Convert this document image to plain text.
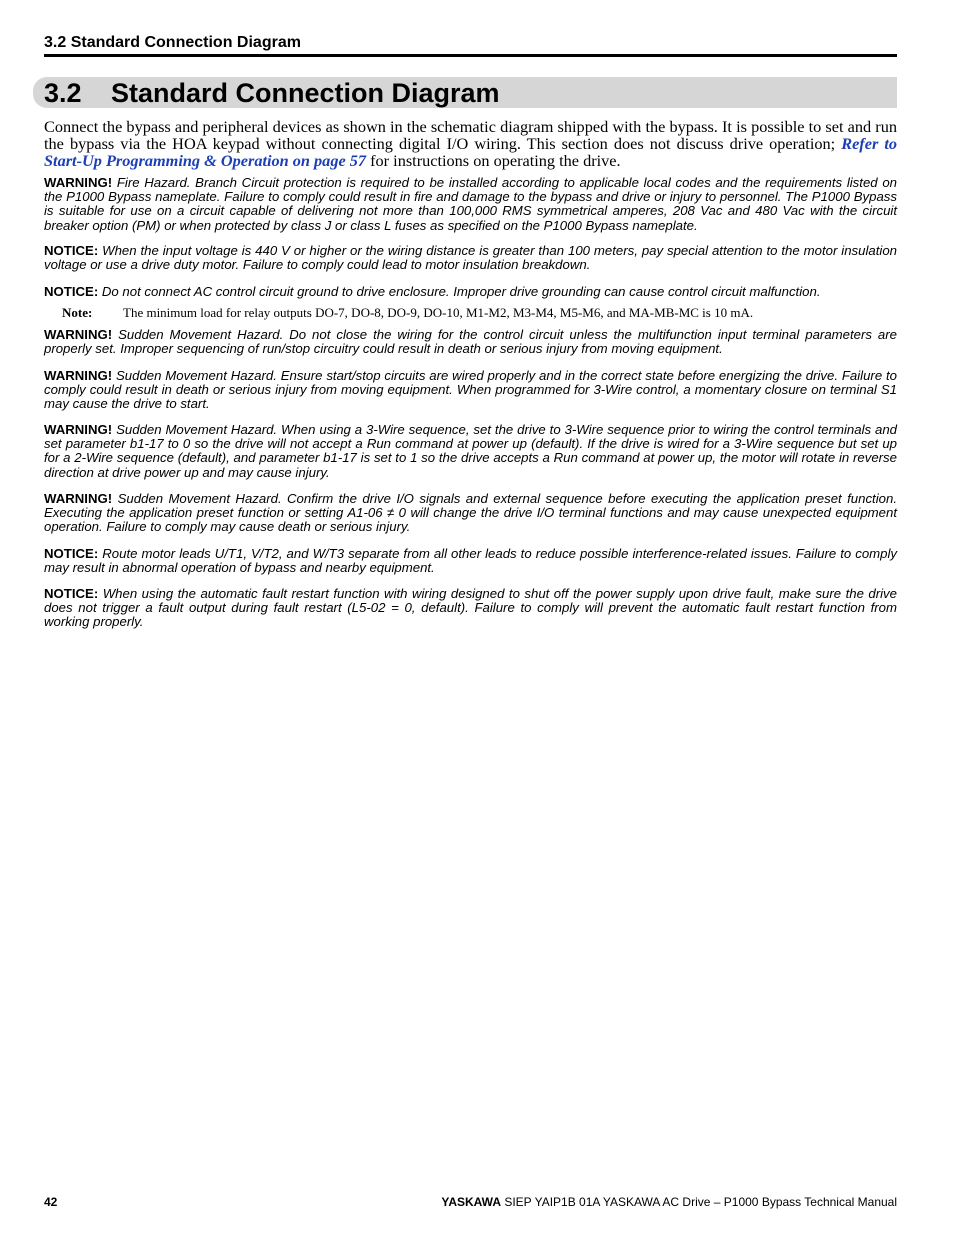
3.2 Standard Connection Diagram
3.2 Standard Connection Diagram
Connect the bypass and peripheral devices as shown in the schematic diagram shipped with the bypass. It is possible to set and run the bypass via the HOA keypad without connecting digital I/O wiring. This section does not discuss drive operation; Refer to Start-Up Programming & Operation on page 57 for instructions on operating the drive.
WARNING! Fire Hazard. Branch Circuit protection is required to be installed according to applicable local codes and the requirements listed on the P1000 Bypass nameplate. Failure to comply could result in fire and damage to the bypass and drive or injury to personnel. The P1000 Bypass is suitable for use on a circuit capable of delivering not more than 100,000 RMS symmetrical amperes, 208 Vac and 480 Vac with the circuit breaker option (PM) or when protected by class J or class L fuses as specified on the P1000 Bypass nameplate.
NOTICE: When the input voltage is 440 V or higher or the wiring distance is greater than 100 meters, pay special attention to the motor insulation voltage or use a drive duty motor. Failure to comply could lead to motor insulation breakdown.
NOTICE: Do not connect AC control circuit ground to drive enclosure. Improper drive grounding can cause control circuit malfunction.
Note: The minimum load for relay outputs DO-7, DO-8, DO-9, DO-10, M1-M2, M3-M4, M5-M6, and MA-MB-MC is 10 mA.
WARNING! Sudden Movement Hazard. Do not close the wiring for the control circuit unless the multifunction input terminal parameters are properly set. Improper sequencing of run/stop circuitry could result in death or serious injury from moving equipment.
WARNING! Sudden Movement Hazard. Ensure start/stop circuits are wired properly and in the correct state before energizing the drive. Failure to comply could result in death or serious injury from moving equipment. When programmed for 3-Wire control, a momentary closure on terminal S1 may cause the drive to start.
WARNING! Sudden Movement Hazard. When using a 3-Wire sequence, set the drive to 3-Wire sequence prior to wiring the control terminals and set parameter b1-17 to 0 so the drive will not accept a Run command at power up (default). If the drive is wired for a 3-Wire sequence but set up for a 2-Wire sequence (default), and parameter b1-17 is set to 1 so the drive accepts a Run command at power up, the motor will rotate in reverse direction at drive power up and may cause injury.
WARNING! Sudden Movement Hazard. Confirm the drive I/O signals and external sequence before executing the application preset function. Executing the application preset function or setting A1-06 ≠ 0 will change the drive I/O terminal functions and may cause unexpected equipment operation. Failure to comply may cause death or serious injury.
NOTICE: Route motor leads U/T1, V/T2, and W/T3 separate from all other leads to reduce possible interference-related issues. Failure to comply may result in abnormal operation of bypass and nearby equipment.
NOTICE: When using the automatic fault restart function with wiring designed to shut off the power supply upon drive fault, make sure the drive does not trigger a fault output during fault restart (L5-02 = 0, default). Failure to comply will prevent the automatic fault restart function from working properly.
42	YASKAWA SIEP YAIP1B 01A YASKAWA AC Drive – P1000 Bypass Technical Manual
